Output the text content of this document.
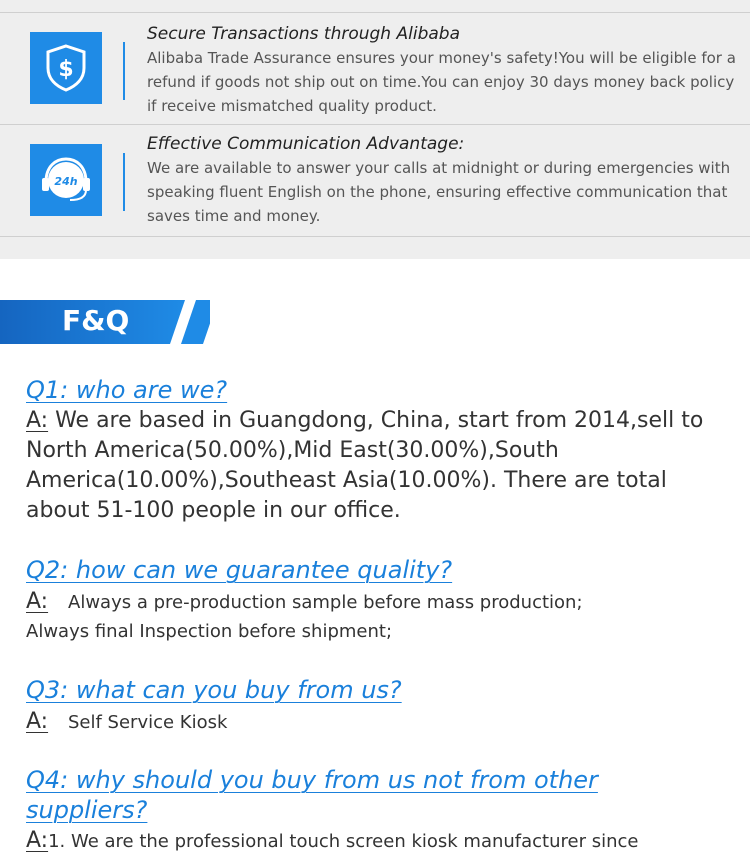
$
Secure Transactions through Alibaba
Alibaba Trade Assurance ensures your money's safety!You will be eligible for a refund if goods not ship out on time.You can enjoy 30 days money back policy if receive mismatched quality product.
24h
Effective Communication Advantage:
We are available to answer your calls at midnight or during emergencies with speaking fluent English on the phone, ensuring effective communication that saves time and money.
F&Q
Q1: who are we?
A: We are based in Guangdong, China, start from 2014,sell to North America(50.00%),Mid East(30.00%),South America(10.00%),Southeast Asia(10.00%). There are total about 51-100 people in our office.
Q2: how can we guarantee quality?
A: Always a pre-production sample before mass production;
Always final Inspection before shipment;
Q3: what can you buy from us?
A: Self Service Kiosk
Q4: why should you buy from us not from other suppliers?
A:1. We are the professional touch screen kiosk manufacturer since
